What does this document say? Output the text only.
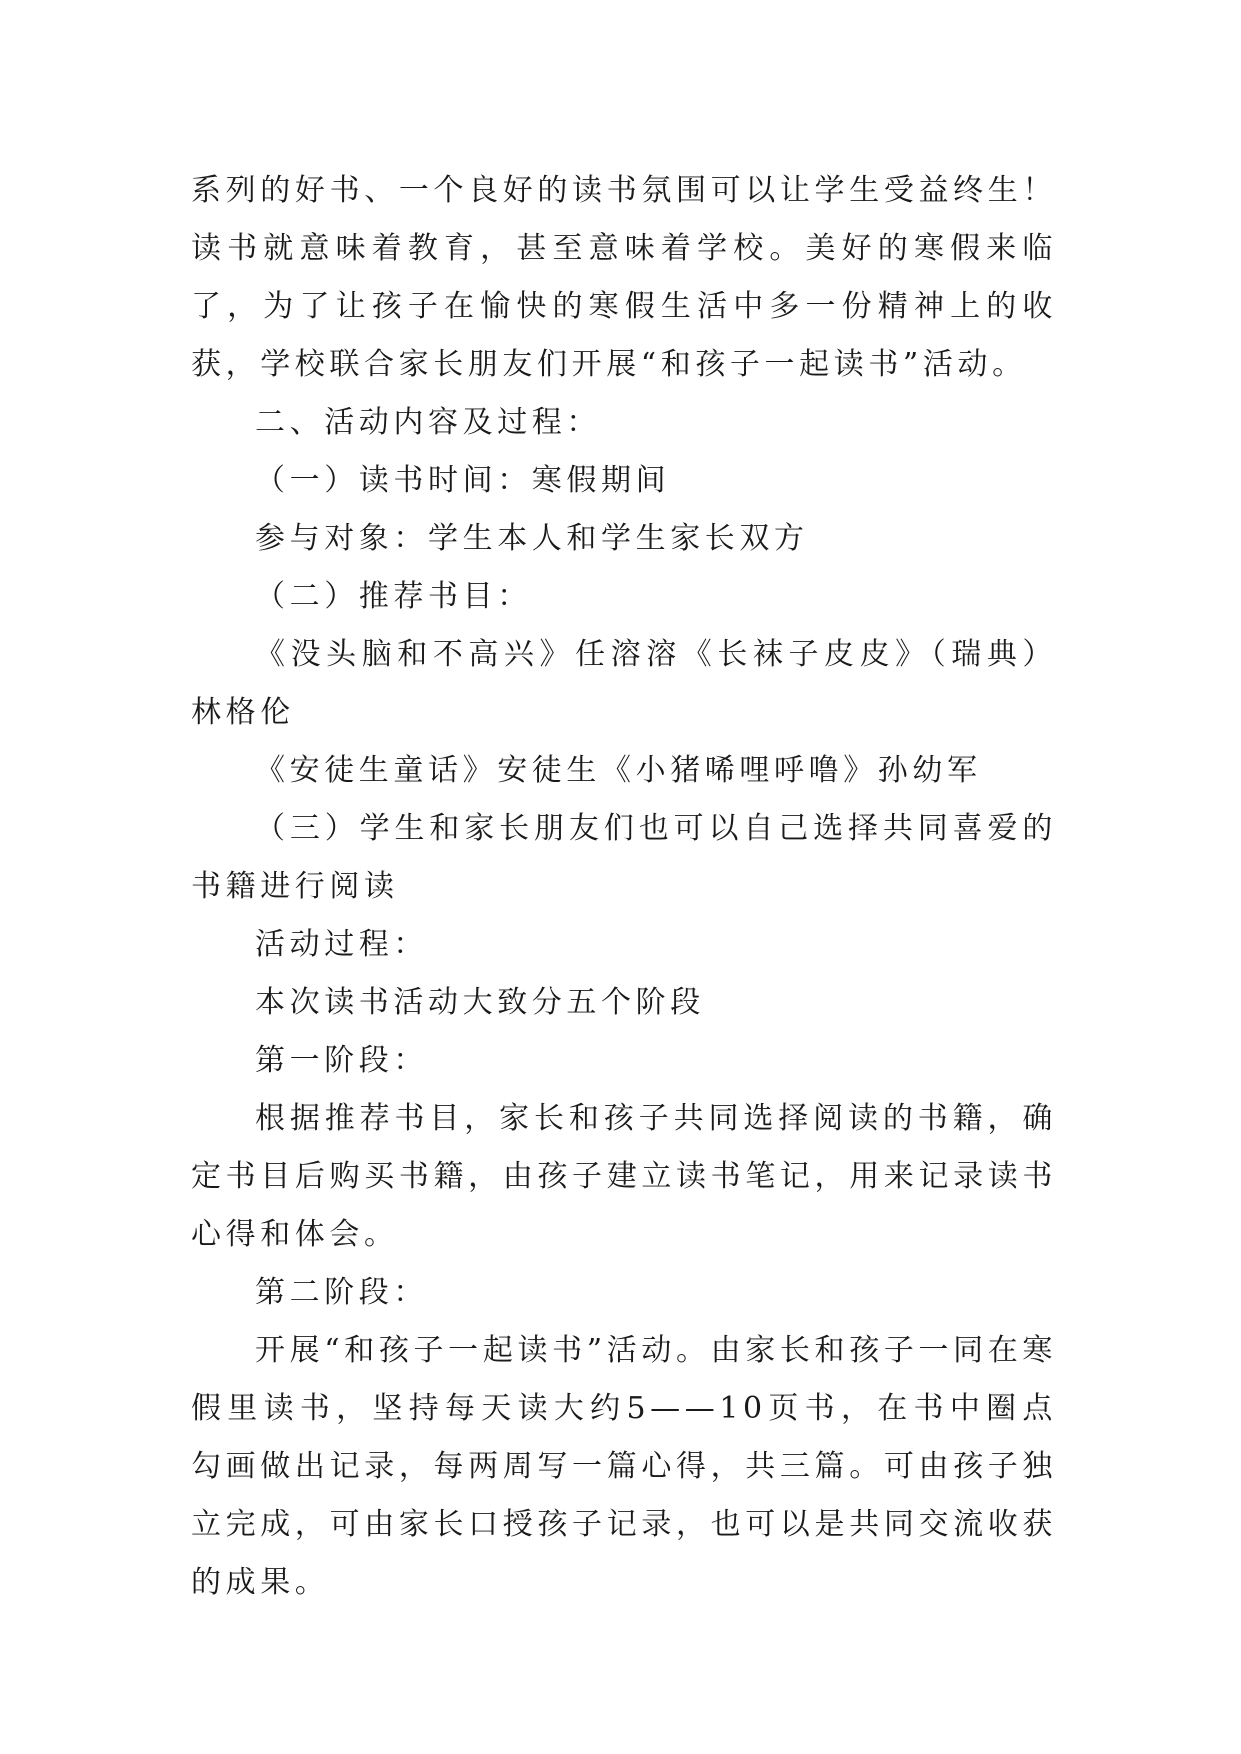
系列的好书、一个良好的读书氛围可以让学生受益终生！读书就意味着教育，甚至意味着学校。美好的寒假来临了，为了让孩子在愉快的寒假生活中多一份精神上的收获，学校联合家长朋友们开展“和孩子一起读书”活动。

二、活动内容及过程：

（一）读书时间：寒假期间

参与对象：学生本人和学生家长双方

（二）推荐书目：

《没头脑和不高兴》任溶溶《长袜子皮皮》（瑞典）林格伦

《安徒生童话》安徒生《小猪唏哩呼噜》孙幼军

（三）学生和家长朋友们也可以自己选择共同喜爱的书籍进行阅读

活动过程：

本次读书活动大致分五个阶段

第一阶段：

根据推荐书目，家长和孩子共同选择阅读的书籍，确定书目后购买书籍，由孩子建立读书笔记，用来记录读书心得和体会。

第二阶段：

开展“和孩子一起读书”活动。由家长和孩子一同在寒假里读书，坚持每天读大约5——10页书，在书中圈点勾画做出记录，每两周写一篇心得，共三篇。可由孩子独立完成，可由家长口授孩子记录，也可以是共同交流收获的成果。
